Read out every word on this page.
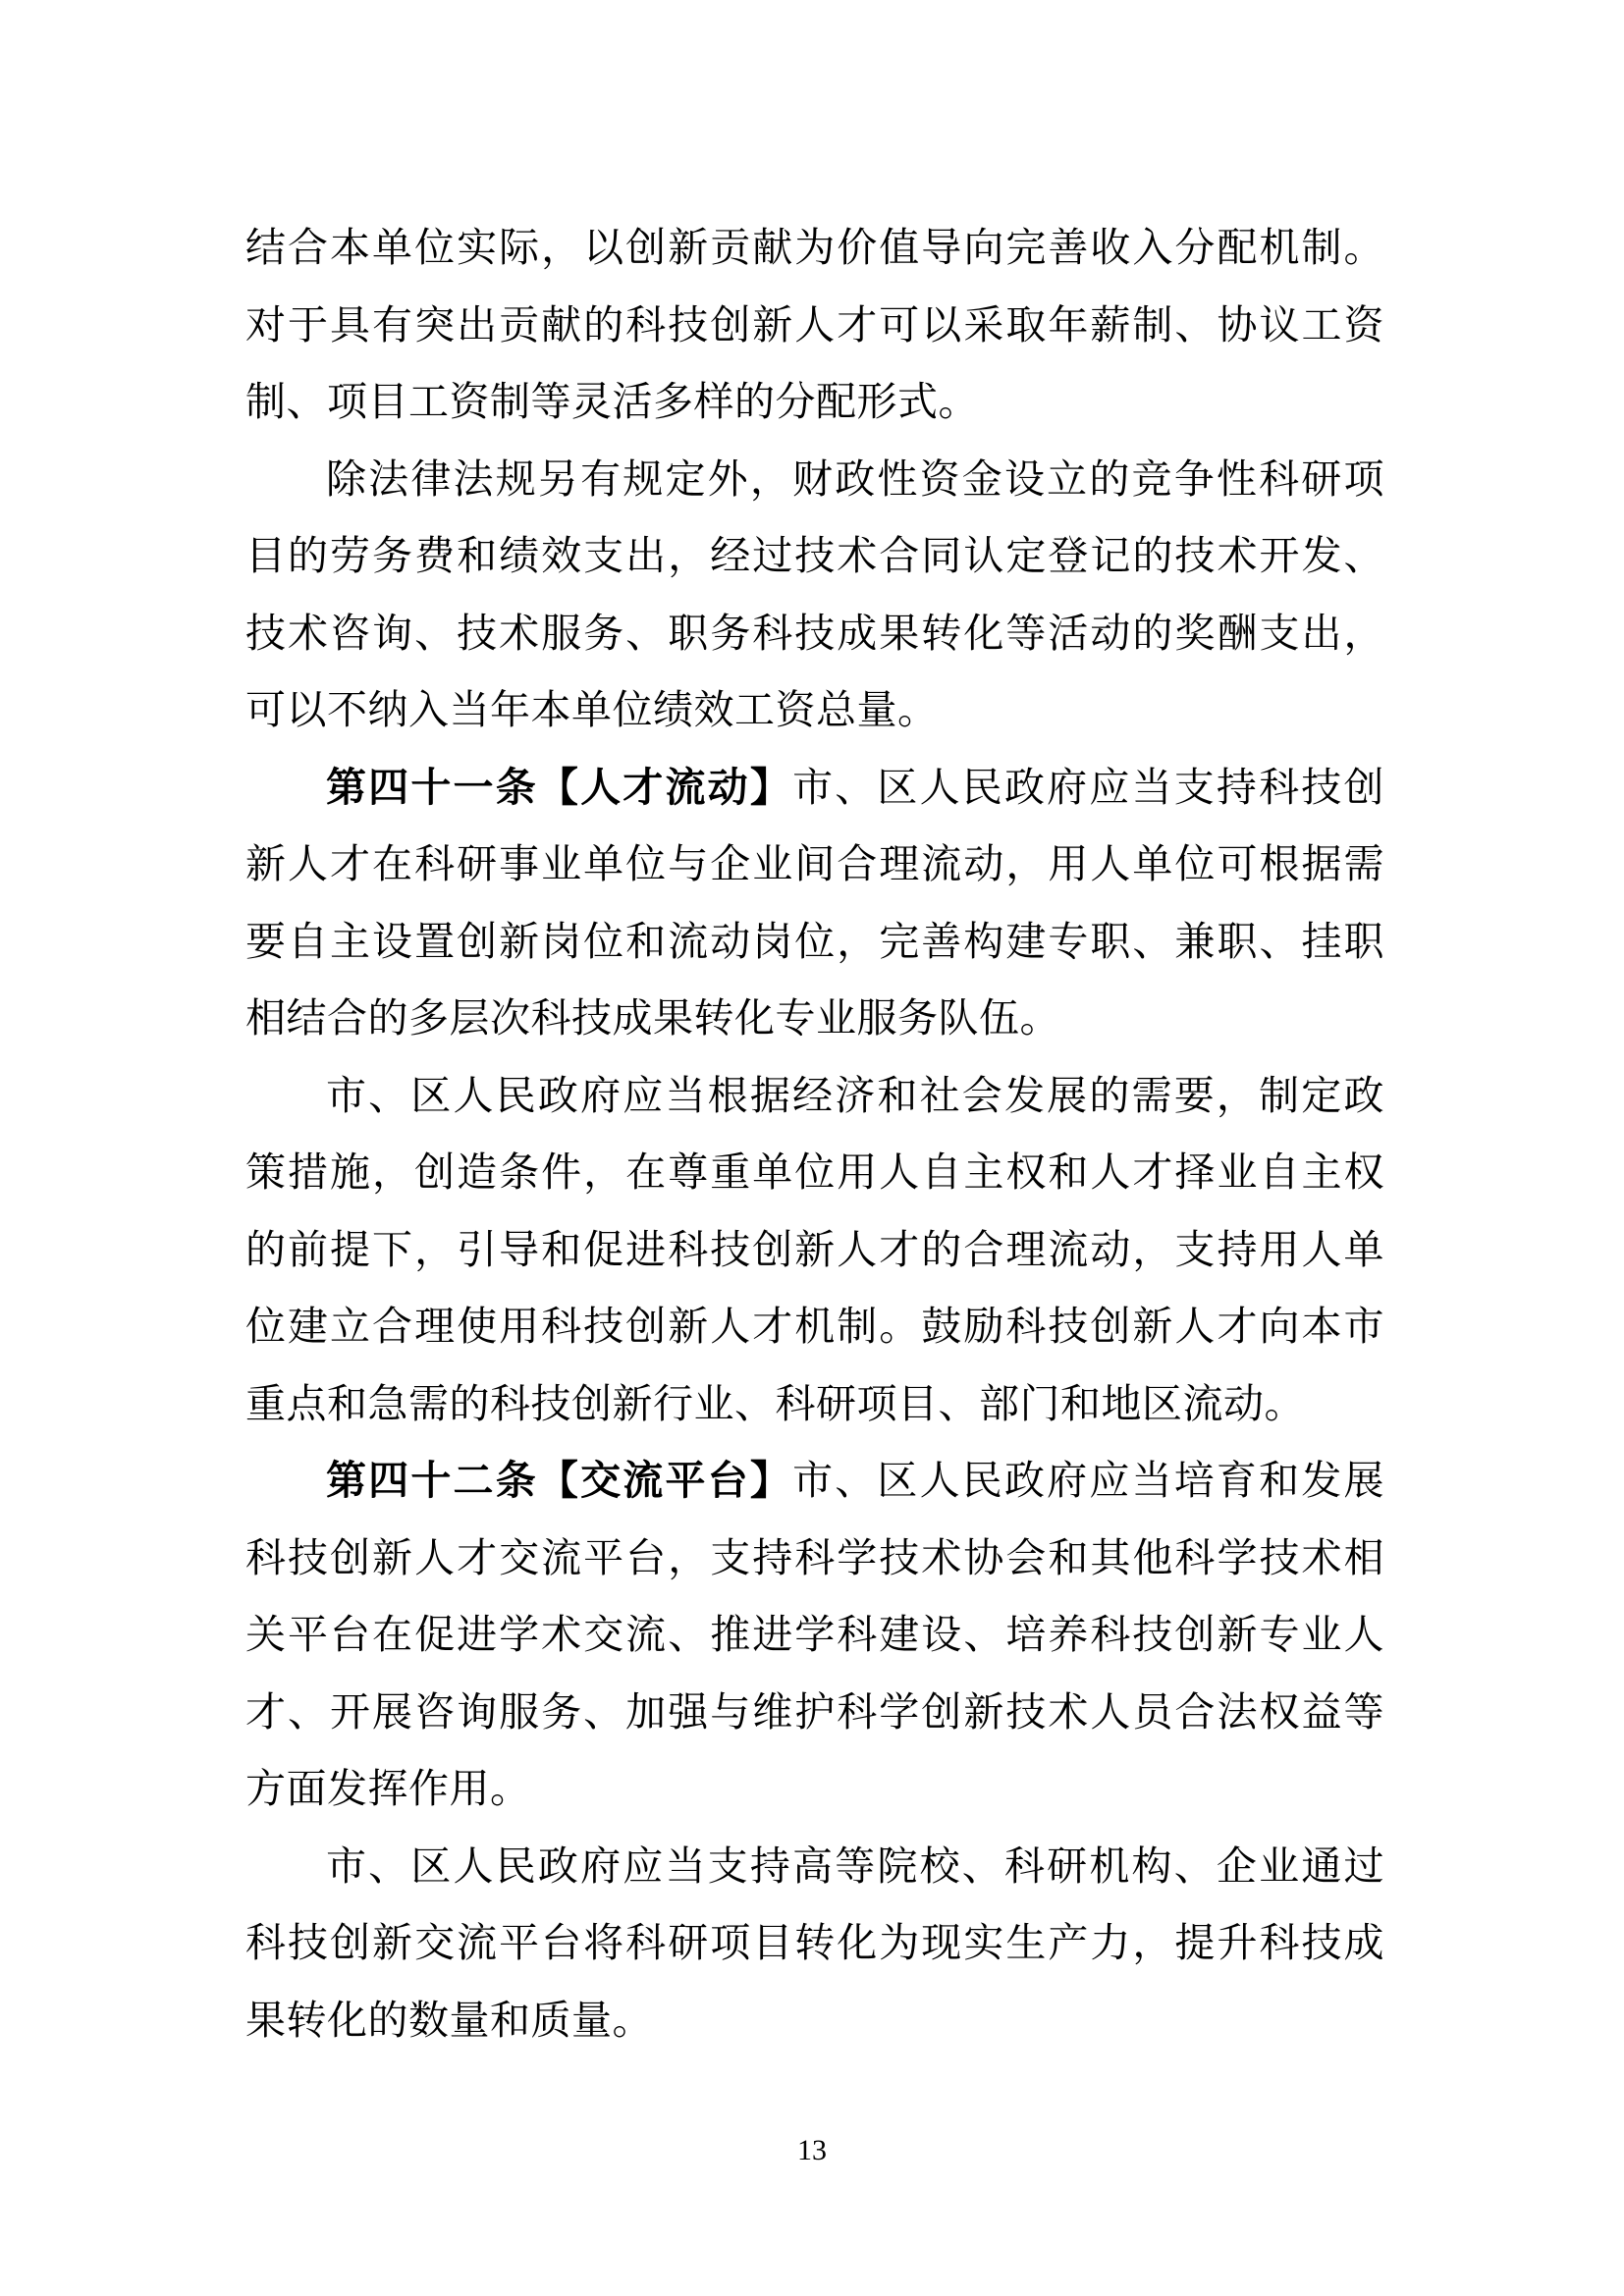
结合本单位实际，以创新贡献为价值导向完善收入分配机制。对于具有突出贡献的科技创新人才可以采取年薪制、协议工资制、项目工资制等灵活多样的分配形式。

除法律法规另有规定外，财政性资金设立的竞争性科研项目的劳务费和绩效支出，经过技术合同认定登记的技术开发、技术咨询、技术服务、职务科技成果转化等活动的奖酬支出，可以不纳入当年本单位绩效工资总量。

第四十一条【人才流动】市、区人民政府应当支持科技创新人才在科研事业单位与企业间合理流动，用人单位可根据需要自主设置创新岗位和流动岗位，完善构建专职、兼职、挂职相结合的多层次科技成果转化专业服务队伍。

市、区人民政府应当根据经济和社会发展的需要，制定政策措施，创造条件，在尊重单位用人自主权和人才择业自主权的前提下，引导和促进科技创新人才的合理流动，支持用人单位建立合理使用科技创新人才机制。鼓励科技创新人才向本市重点和急需的科技创新行业、科研项目、部门和地区流动。

第四十二条【交流平台】市、区人民政府应当培育和发展科技创新人才交流平台，支持科学技术协会和其他科学技术相关平台在促进学术交流、推进学科建设、培养科技创新专业人才、开展咨询服务、加强与维护科学创新技术人员合法权益等方面发挥作用。

市、区人民政府应当支持高等院校、科研机构、企业通过科技创新交流平台将科研项目转化为现实生产力，提升科技成果转化的数量和质量。

13
